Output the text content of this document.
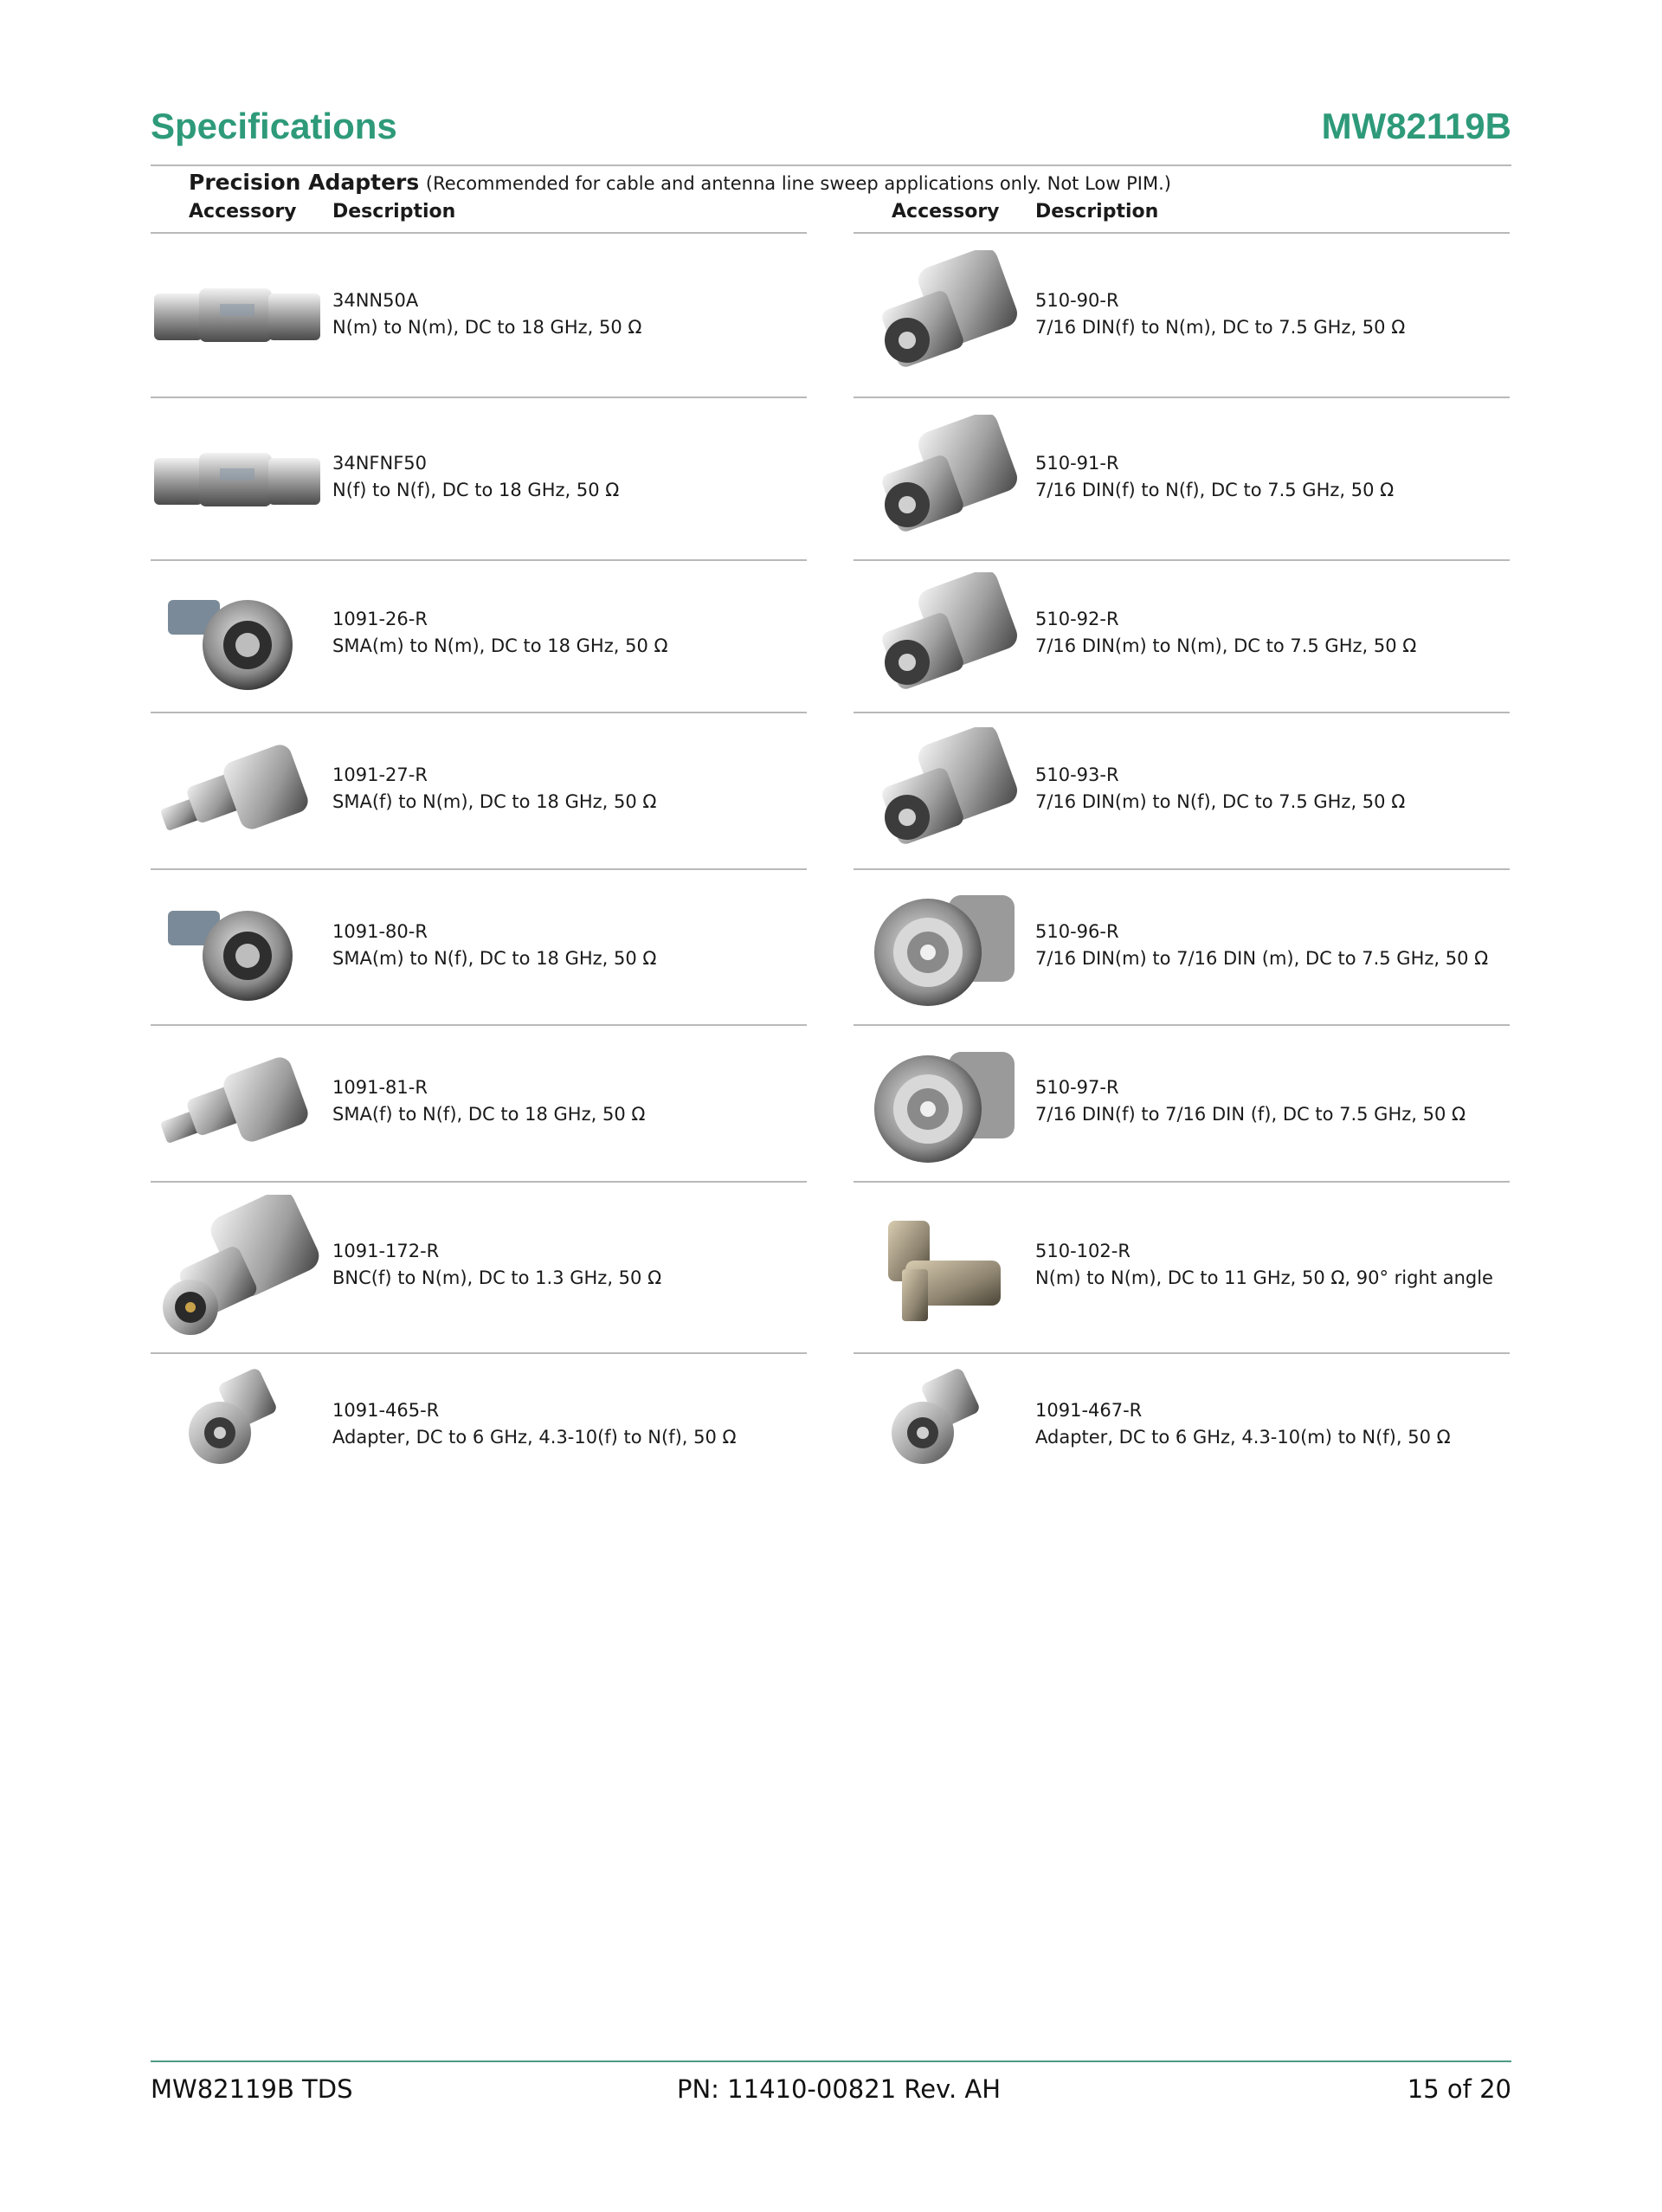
Specifications	MW82119B
Precision Adapters (Recommended for cable and antenna line sweep applications only. Not Low PIM.)
Accessory Description	Accessory Description
34NN50A
N(m) to N(m), DC to 18 GHz, 50 Ω
34NFNF50
N(f) to N(f), DC to 18 GHz, 50 Ω
1091-26-R
SMA(m) to N(m), DC to 18 GHz, 50 Ω
1091-27-R
SMA(f) to N(m), DC to 18 GHz, 50 Ω
1091-80-R
SMA(m) to N(f), DC to 18 GHz, 50 Ω
1091-81-R
SMA(f) to N(f), DC to 18 GHz, 50 Ω
1091-172-R
BNC(f) to N(m), DC to 1.3 GHz, 50 Ω
1091-465-R
Adapter, DC to 6 GHz, 4.3-10(f) to N(f), 50 Ω
510-90-R
7/16 DIN(f) to N(m), DC to 7.5 GHz, 50 Ω
510-91-R
7/16 DIN(f) to N(f), DC to 7.5 GHz, 50 Ω
510-92-R
7/16 DIN(m) to N(m), DC to 7.5 GHz, 50 Ω
510-93-R
7/16 DIN(m) to N(f), DC to 7.5 GHz, 50 Ω
510-96-R
7/16 DIN(m) to 7/16 DIN (m), DC to 7.5 GHz, 50 Ω
510-97-R
7/16 DIN(f) to 7/16 DIN (f), DC to 7.5 GHz, 50 Ω
510-102-R
N(m) to N(m), DC to 11 GHz, 50 Ω, 90° right angle
1091-467-R
Adapter, DC to 6 GHz, 4.3-10(m) to N(f), 50 Ω
MW82119B TDS	PN: 11410-00821 Rev. AH	15 of 20
